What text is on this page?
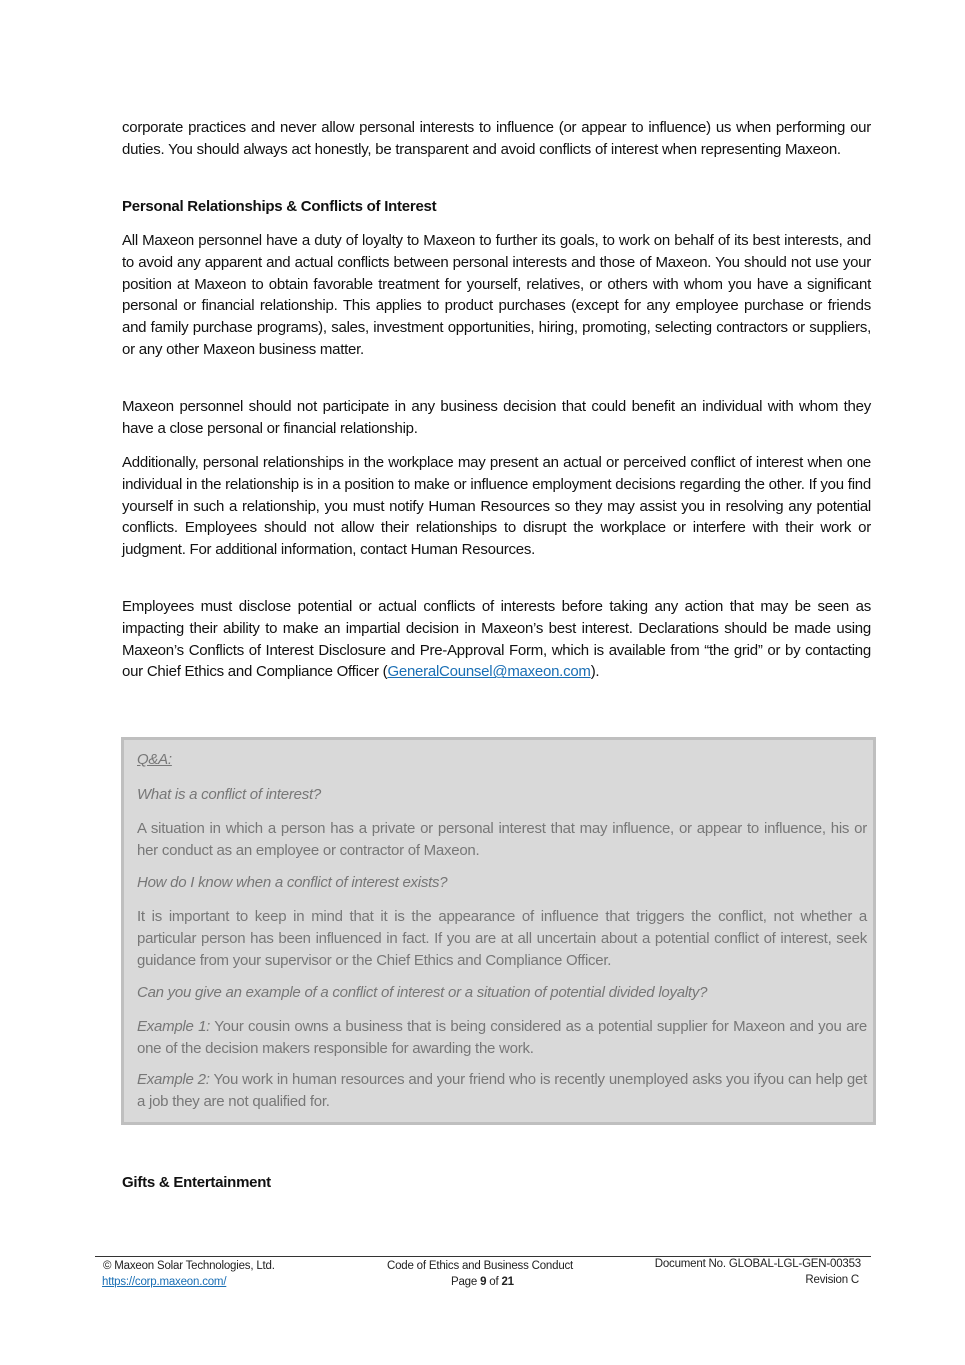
corporate practices and never allow personal interests to influence (or appear to influence) us when performing our duties. You should always act honestly, be transparent and avoid conflicts of interest when representing Maxeon.

Personal Relationships & Conflicts of Interest

All Maxeon personnel have a duty of loyalty to Maxeon to further its goals, to work on behalf of its best interests, and to avoid any apparent and actual conflicts between personal interests and those of Maxeon. You should not use your position at Maxeon to obtain favorable treatment for yourself, relatives, or others with whom you have a significant personal or financial relationship. This applies to product purchases (except for any employee purchase or friends and family purchase programs), sales, investment opportunities, hiring, promoting, selecting contractors or suppliers, or any other Maxeon business matter.

Maxeon personnel should not participate in any business decision that could benefit an individual with whom they have a close personal or financial relationship.

Additionally, personal relationships in the workplace may present an actual or perceived conflict of interest when one individual in the relationship is in a position to make or influence employment decisions regarding the other. If you find yourself in such a relationship, you must notify Human Resources so they may assist you in resolving any potential conflicts. Employees should not allow their relationships to disrupt the workplace or interfere with their work or judgment. For additional information, contact Human Resources.

Employees must disclose potential or actual conflicts of interests before taking any action that may be seen as impacting their ability to make an impartial decision in Maxeon’s best interest. Declarations should be made using Maxeon’s Conflicts of Interest Disclosure and Pre-Approval Form, which is available from “the grid” or by contacting our Chief Ethics and Compliance Officer (GeneralCounsel@maxeon.com).

Q&A:

What is a conflict of interest?

A situation in which a person has a private or personal interest that may influence, or appear to influence, his or her conduct as an employee or contractor of Maxeon.

How do I know when a conflict of interest exists?

It is important to keep in mind that it is the appearance of influence that triggers the conflict, not whether a particular person has been influenced in fact. If you are at all uncertain about a potential conflict of interest, seek guidance from your supervisor or the Chief Ethics and Compliance Officer.

Can you give an example of a conflict of interest or a situation of potential divided loyalty?

Example 1: Your cousin owns a business that is being considered as a potential supplier for Maxeon and you are one of the decision makers responsible for awarding the work.

Example 2: You work in human resources and your friend who is recently unemployed asks you ifyou can help get a job they are not qualified for.

Gifts & Entertainment

© Maxeon Solar Technologies, Ltd.
https://corp.maxeon.com/
Code of Ethics and Business Conduct
Page 9 of 21
Document No. GLOBAL-LGL-GEN-00353
Revision C
